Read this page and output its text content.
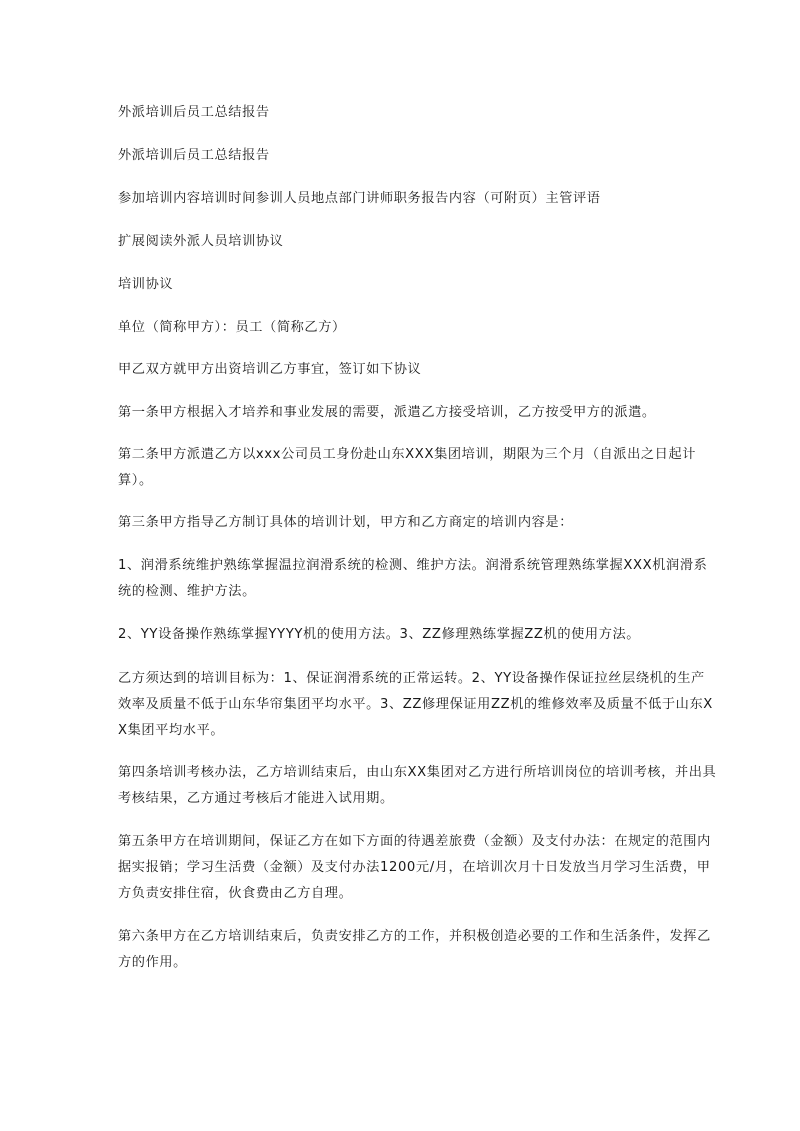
外派培训后员工总结报告

外派培训后员工总结报告

参加培训内容培训时间参训人员地点部门讲师职务报告内容（可附页）主管评语

扩展阅读外派人员培训协议

培训协议

单位（简称甲方）：员工（简称乙方）

甲乙双方就甲方出资培训乙方事宜，签订如下协议

第一条甲方根据入才培养和事业发展的需要，派遣乙方接受培训，乙方按受甲方的派遣。

第二条甲方派遣乙方以xxx公司员工身份赴山东XXX集团培训，期限为三个月（自派出之日起计算）。

第三条甲方指导乙方制订具体的培训计划，甲方和乙方商定的培训内容是：

1、润滑系统维护熟练掌握温拉润滑系统的检测、维护方法。润滑系统管理熟练掌握XXX机润滑系统的检测、维护方法。

2、YY设备操作熟练掌握YYYY机的使用方法。3、ZZ修理熟练掌握ZZ机的使用方法。

乙方须达到的培训目标为：1、保证润滑系统的正常运转。2、YY设备操作保证拉丝层绕机的生产效率及质量不低于山东华帘集团平均水平。3、ZZ修理保证用ZZ机的维修效率及质量不低于山东XX集团平均水平。

第四条培训考核办法，乙方培训结束后，由山东XX集团对乙方进行所培训岗位的培训考核，并出具考核结果，乙方通过考核后才能进入试用期。

第五条甲方在培训期间，保证乙方在如下方面的待遇差旅费（金额）及支付办法：在规定的范围内据实报销；学习生活费（金额）及支付办法1200元/月，在培训次月十日发放当月学习生活费，甲方负责安排住宿，伙食费由乙方自理。

第六条甲方在乙方培训结束后，负责安排乙方的工作，并积极创造必要的工作和生活条件，发挥乙方的作用。
